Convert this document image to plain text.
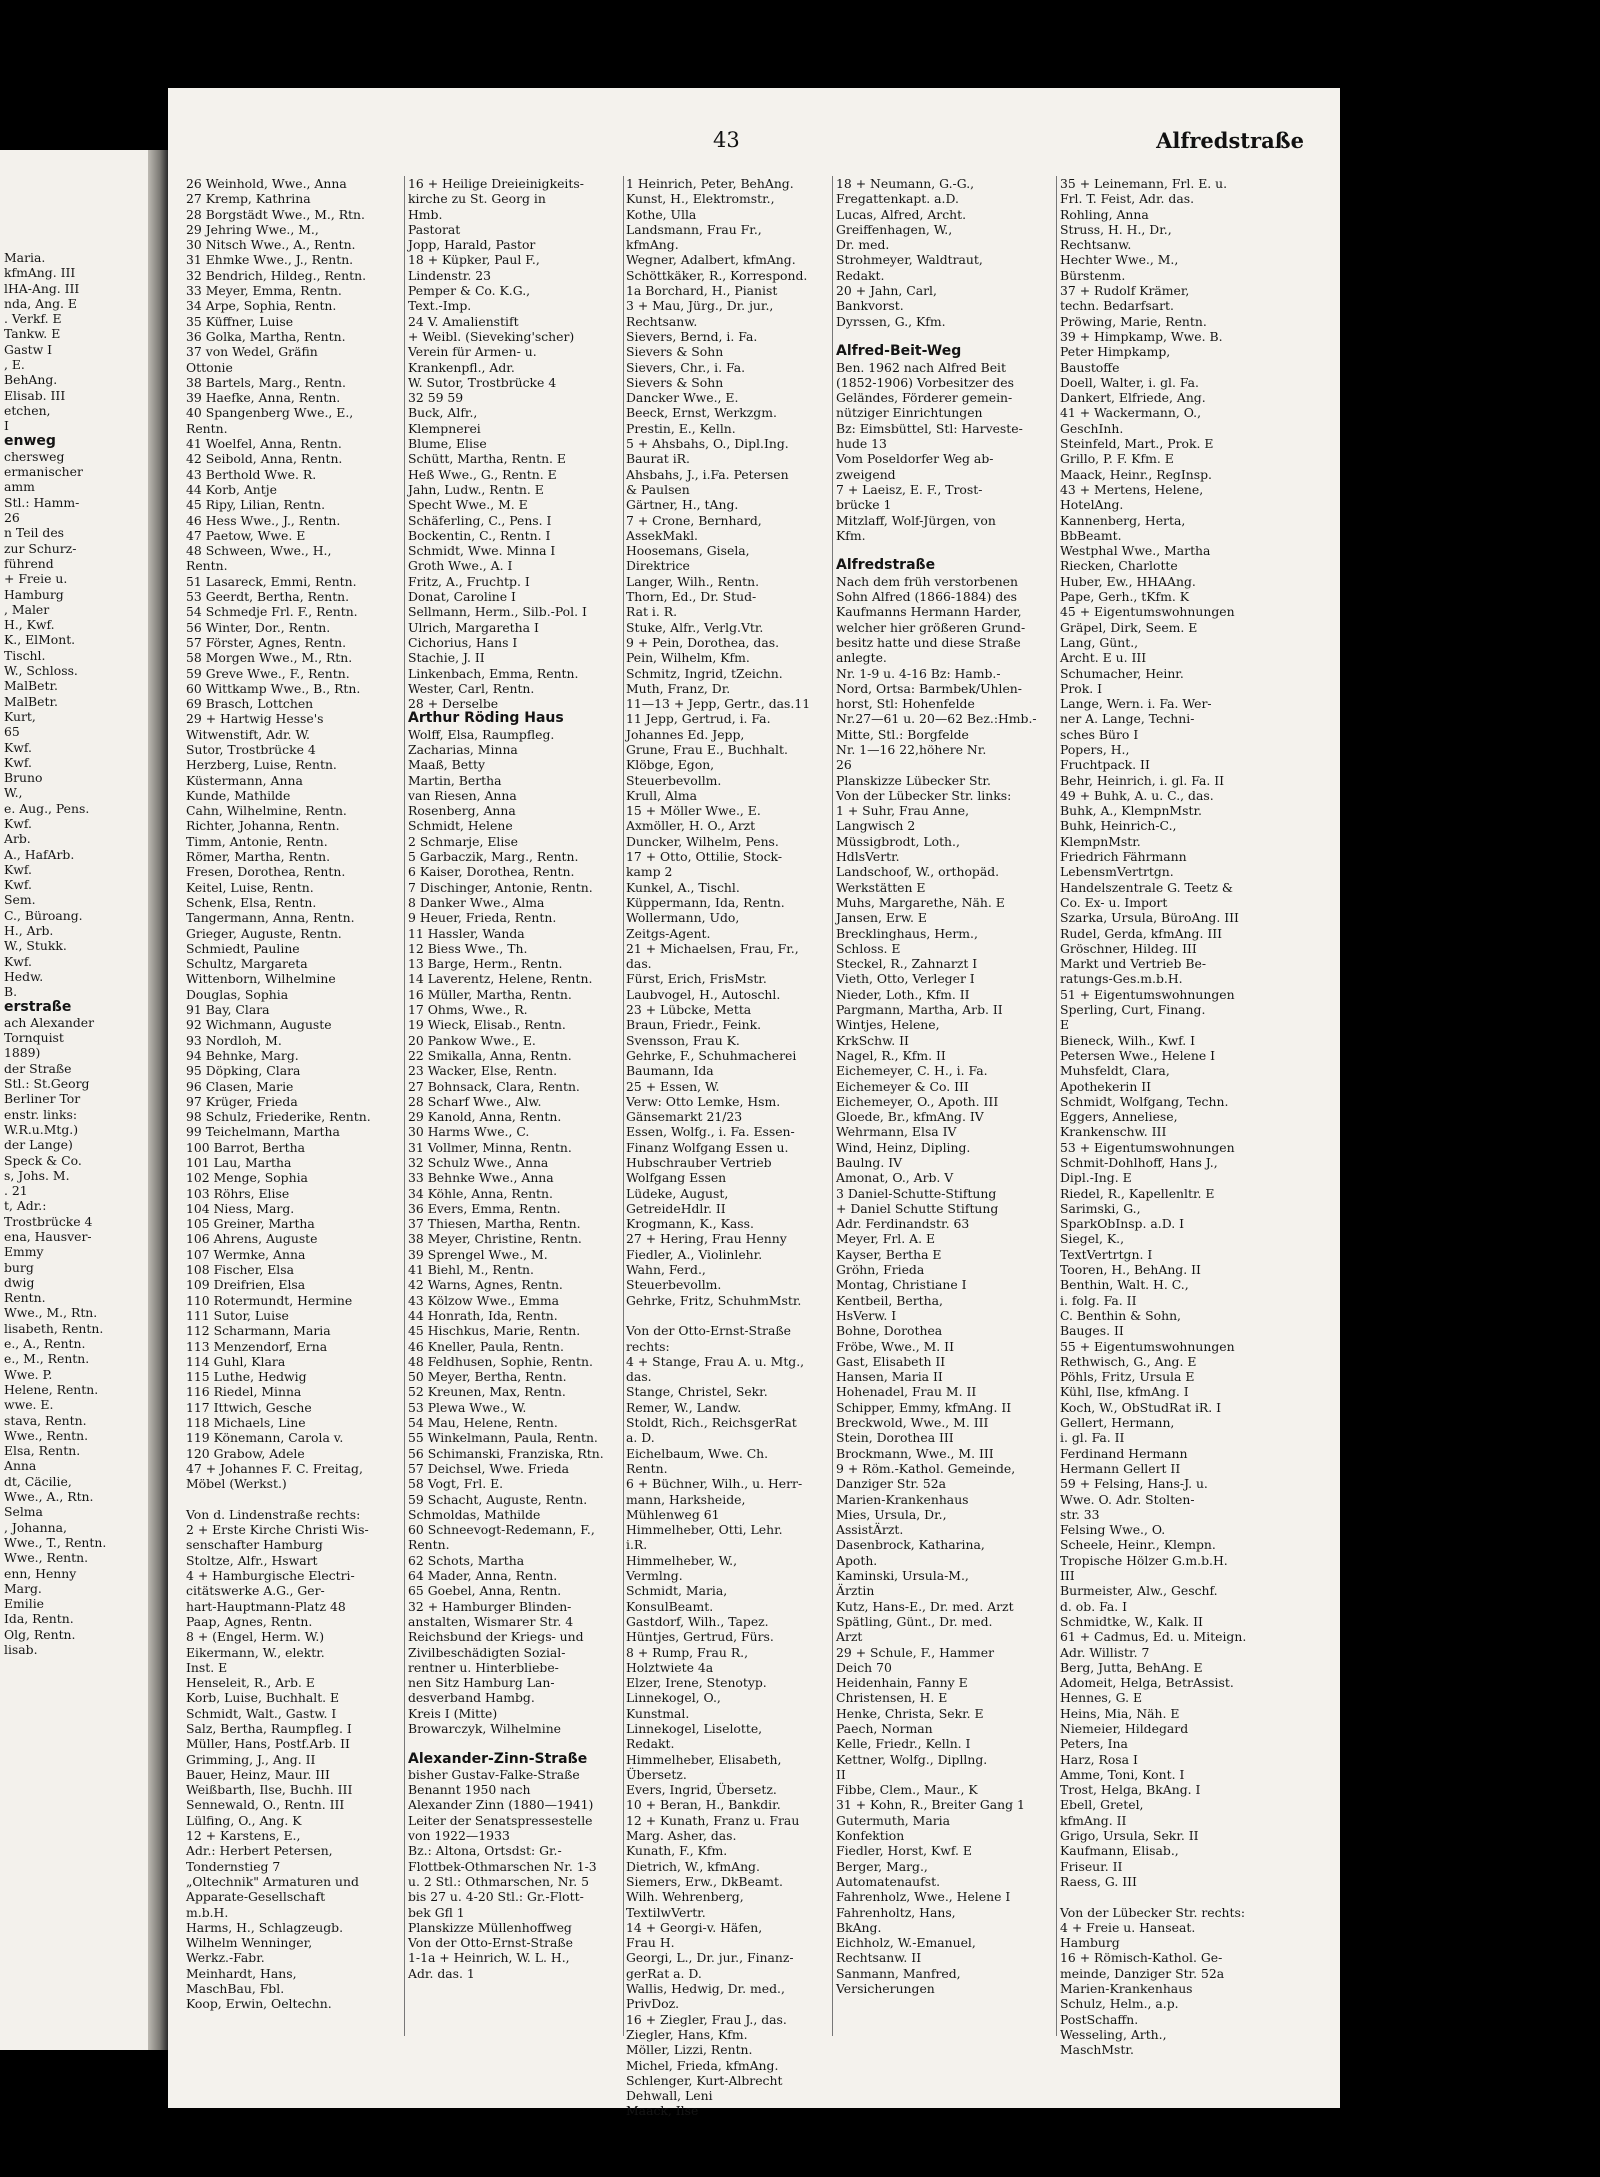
Maria.
kfmAng. III
lHA-Ang. III
nda, Ang. E
. Verkf. E
Tankw. E
Gastw I
, E.
BehAng.
Elisab. III
etchen,
I
enweg
chersweg
ermanischer
amm
Stl.: Hamm-
26
n Teil des
zur Schurz-
führend
+ Freie u.
Hamburg
, Maler
H., Kwf.
K., ElMont.
Tischl.
W., Schloss.
MalBetr.
MalBetr.
Kurt,
65
Kwf.
Kwf.
Bruno
W.,
e. Aug., Pens.
Kwf.
Arb.
A., HafArb.
Kwf.
Kwf.
Sem.
C., Büroang.
H., Arb.
W., Stukk.
Kwf.
Hedw.
B.
erstraße
ach Alexander
Tornquist
1889)
der Straße
Stl.: St.Georg
Berliner Tor
enstr. links:
W.R.u.Mtg.)
der Lange)
Speck & Co.
s, Johs. M.
. 21
t, Adr.:
Trostbrücke 4
ena, Hausver-
Emmy
burg
dwig
Rentn.
Wwe., M., Rtn.
lisabeth, Rentn.
e., A., Rentn.
e., M., Rentn.
Wwe. P.
Helene, Rentn.
wwe. E.
stava, Rentn.
Wwe., Rentn.
Elsa, Rentn.
Anna
dt, Cäcilie,
Wwe., A., Rtn.
Selma
, Johanna,
Wwe., T., Rentn.
Wwe., Rentn.
enn, Henny
Marg.
Emilie
Ida, Rentn.
Olg, Rentn.
lisab.
43	Alfredstraße
26 Weinhold, Wwe., Anna
27 Kremp, Kathrina
28 Borgstädt Wwe., M., Rtn.
29 Jehring Wwe., M.,
30 Nitsch Wwe., A., Rentn.
31 Ehmke Wwe., J., Rentn.
32 Bendrich, Hildeg., Rentn.
33 Meyer, Emma, Rentn.
34 Arpe, Sophia, Rentn.
35 Küffner, Luise
36 Golka, Martha, Rentn.
37 von Wedel, Gräfin
Ottonie
38 Bartels, Marg., Rentn.
39 Haefke, Anna, Rentn.
40 Spangenberg Wwe., E.,
Rentn.
41 Woelfel, Anna, Rentn.
42 Seibold, Anna, Rentn.
43 Berthold Wwe. R.
44 Korb, Antje
45 Ripy, Lilian, Rentn.
46 Hess Wwe., J., Rentn.
47 Paetow, Wwe. E
48 Schween, Wwe., H.,
Rentn.
51 Lasareck, Emmi, Rentn.
53 Geerdt, Bertha, Rentn.
54 Schmedje Frl. F., Rentn.
56 Winter, Dor., Rentn.
57 Förster, Agnes, Rentn.
58 Morgen Wwe., M., Rtn.
59 Greve Wwe., F., Rentn.
60 Wittkamp Wwe., B., Rtn.
69 Brasch, Lottchen
29 + Hartwig Hesse's
Witwenstift, Adr. W.
Sutor, Trostbrücke 4
Herzberg, Luise, Rentn.
Küstermann, Anna
Kunde, Mathilde
Cahn, Wilhelmine, Rentn.
Richter, Johanna, Rentn.
Timm, Antonie, Rentn.
Römer, Martha, Rentn.
Fresen, Dorothea, Rentn.
Keitel, Luise, Rentn.
Schenk, Elsa, Rentn.
Tangermann, Anna, Rentn.
Grieger, Auguste, Rentn.
Schmiedt, Pauline
Schultz, Margareta
Wittenborn, Wilhelmine
Douglas, Sophia
91 Bay, Clara
92 Wichmann, Auguste
93 Nordloh, M.
94 Behnke, Marg.
95 Döpking, Clara
96 Clasen, Marie
97 Krüger, Frieda
98 Schulz, Friederike, Rentn.
99 Teichelmann, Martha
100 Barrot, Bertha
101 Lau, Martha
102 Menge, Sophia
103 Röhrs, Elise
104 Niess, Marg.
105 Greiner, Martha
106 Ahrens, Auguste
107 Wermke, Anna
108 Fischer, Elsa
109 Dreifrien, Elsa
110 Rotermundt, Hermine
111 Sutor, Luise
112 Scharmann, Maria
113 Menzendorf, Erna
114 Guhl, Klara
115 Luthe, Hedwig
116 Riedel, Minna
117 Ittwich, Gesche
118 Michaels, Line
119 Könemann, Carola v.
120 Grabow, Adele
47 + Johannes F. C. Freitag,
Möbel (Werkst.)

Von d. Lindenstraße rechts:
2 + Erste Kirche Christi Wis-
senschafter Hamburg
Stoltze, Alfr., Hswart
4 + Hamburgische Electri-
citätswerke A.G., Ger-
hart-Hauptmann-Platz 48
Paap, Agnes, Rentn.
8 + (Engel, Herm. W.)
Eikermann, W., elektr.
Inst. E
Henseleit, R., Arb. E
Korb, Luise, Buchhalt. E
Schmidt, Walt., Gastw. I
Salz, Bertha, Raumpfleg. I
Müller, Hans, Postf.Arb. II
Grimming, J., Ang. II
Bauer, Heinz, Maur. III
Weißbarth, Ilse, Buchh. III
Sennewald, O., Rentn. III
Lülfing, O., Ang. K
12 + Karstens, E.,
Adr.: Herbert Petersen,
Tondernstieg 7
„Oltechnik" Armaturen und
Apparate-Gesellschaft
m.b.H.
Harms, H., Schlagzeugb.
Wilhelm Wenninger,
Werkz.-Fabr.
Meinhardt, Hans,
MaschBau, Fbl.
Koop, Erwin, Oeltechn.
16 + Heilige Dreieinigkeits-
kirche zu St. Georg in
Hmb.
Pastorat
Jopp, Harald, Pastor
18 + Küpker, Paul F.,
Lindenstr. 23
Pemper & Co. K.G.,
Text.-Imp.
24 V. Amalienstift
+ Weibl. (Sieveking'scher)
Verein für Armen- u.
Krankenpfl., Adr.
W. Sutor, Trostbrücke 4
32 59 59
Buck, Alfr.,
Klempnerei
Blume, Elise
Schütt, Martha, Rentn. E
Heß Wwe., G., Rentn. E
Jahn, Ludw., Rentn. E
Specht Wwe., M. E
Schäferling, C., Pens. I
Bockentin, C., Rentn. I
Schmidt, Wwe. Minna I
Groth Wwe., A. I
Fritz, A., Fruchtp. I
Donat, Caroline I
Sellmann, Herm., Silb.-Pol. I
Ulrich, Margaretha I
Cichorius, Hans I
Stachie, J. II
Linkenbach, Emma, Rentn.
Wester, Carl, Rentn.
28 + Derselbe
Arthur Röding Haus
Wolff, Elsa, Raumpfleg.
Zacharias, Minna
Maaß, Betty
Martin, Bertha
van Riesen, Anna
Rosenberg, Anna
Schmidt, Helene
2 Schmarje, Elise
5 Garbaczik, Marg., Rentn.
6 Kaiser, Dorothea, Rentn.
7 Dischinger, Antonie, Rentn.
8 Danker Wwe., Alma
9 Heuer, Frieda, Rentn.
11 Hassler, Wanda
12 Biess Wwe., Th.
13 Barge, Herm., Rentn.
14 Laverentz, Helene, Rentn.
16 Müller, Martha, Rentn.
17 Ohms, Wwe., R.
19 Wieck, Elisab., Rentn.
20 Pankow Wwe., E.
22 Smikalla, Anna, Rentn.
23 Wacker, Else, Rentn.
27 Bohnsack, Clara, Rentn.
28 Scharf Wwe., Alw.
29 Kanold, Anna, Rentn.
30 Harms Wwe., C.
31 Vollmer, Minna, Rentn.
32 Schulz Wwe., Anna
33 Behnke Wwe., Anna
34 Köhle, Anna, Rentn.
36 Evers, Emma, Rentn.
37 Thiesen, Martha, Rentn.
38 Meyer, Christine, Rentn.
39 Sprengel Wwe., M.
41 Biehl, M., Rentn.
42 Warns, Agnes, Rentn.
43 Kölzow Wwe., Emma
44 Honrath, Ida, Rentn.
45 Hischkus, Marie, Rentn.
46 Kneller, Paula, Rentn.
48 Feldhusen, Sophie, Rentn.
50 Meyer, Bertha, Rentn.
52 Kreunen, Max, Rentn.
53 Plewa Wwe., W.
54 Mau, Helene, Rentn.
55 Winkelmann, Paula, Rentn.
56 Schimanski, Franziska, Rtn.
57 Deichsel, Wwe. Frieda
58 Vogt, Frl. E.
59 Schacht, Auguste, Rentn.
Schmoldas, Mathilde
60 Schneevogt-Redemann, F.,
Rentn.
62 Schots, Martha
64 Mader, Anna, Rentn.
65 Goebel, Anna, Rentn.
32 + Hamburger Blinden-
anstalten, Wismarer Str. 4
Reichsbund der Kriegs- und
Zivilbeschädigten Sozial-
rentner u. Hinterbliebe-
nen Sitz Hamburg Lan-
desverband Hambg.
Kreis I (Mitte)
Browarczyk, Wilhelmine

Alexander-Zinn-Straße
bisher Gustav-Falke-Straße
Benannt 1950 nach
Alexander Zinn (1880—1941)
Leiter der Senatspressestelle
von 1922—1933
Bz.: Altona, Ortsdst: Gr.-
Flottbek-Othmarschen Nr. 1-3
u. 2 Stl.: Othmarschen, Nr. 5
bis 27 u. 4-20 Stl.: Gr.-Flott-
bek Gfl 1
Planskizze Müllenhoffweg
Von der Otto-Ernst-Straße
1-1a + Heinrich, W. L. H.,
Adr. das. 1
1 Heinrich, Peter, BehAng.
Kunst, H., Elektromstr.,
Kothe, Ulla
Landsmann, Frau Fr.,
kfmAng.
Wegner, Adalbert, kfmAng.
Schöttkäker, R., Korrespond.
1a Borchard, H., Pianist
3 + Mau, Jürg., Dr. jur.,
Rechtsanw.
Sievers, Bernd, i. Fa.
Sievers & Sohn
Sievers, Chr., i. Fa.
Sievers & Sohn
Dancker Wwe., E.
Beeck, Ernst, Werkzgm.
Prestin, E., Kelln.
5 + Ahsbahs, O., Dipl.Ing.
Baurat iR.
Ahsbahs, J., i.Fa. Petersen
& Paulsen
Gärtner, H., tAng.
7 + Crone, Bernhard,
AssekMakl.
Hoosemans, Gisela,
Direktrice
Langer, Wilh., Rentn.
Thorn, Ed., Dr. Stud-
Rat i. R.
Stuke, Alfr., Verlg.Vtr.
9 + Pein, Dorothea, das.
Pein, Wilhelm, Kfm.
Schmitz, Ingrid, tZeichn.
Muth, Franz, Dr.
11—13 + Jepp, Gertr., das.11
11 Jepp, Gertrud, i. Fa.
Johannes Ed. Jepp,
Grune, Frau E., Buchhalt.
Klöbge, Egon,
Steuerbevollm.
Krull, Alma
15 + Möller Wwe., E.
Axmöller, H. O., Arzt
Duncker, Wilhelm, Pens.
17 + Otto, Ottilie, Stock-
kamp 2
Kunkel, A., Tischl.
Küppermann, Ida, Rentn.
Wollermann, Udo,
Zeitgs-Agent.
21 + Michaelsen, Frau, Fr.,
das.
Fürst, Erich, FrisMstr.
Laubvogel, H., Autoschl.
23 + Lübcke, Metta
Braun, Friedr., Feink.
Svensson, Frau K.
Gehrke, F., Schuhmacherei
Baumann, Ida
25 + Essen, W.
Verw: Otto Lemke, Hsm.
Gänsemarkt 21/23
Essen, Wolfg., i. Fa. Essen-
Finanz Wolfgang Essen u.
Hubschrauber Vertrieb
Wolfgang Essen
Lüdeke, August,
GetreideHdlr. II
Krogmann, K., Kass.
27 + Hering, Frau Henny
Fiedler, A., Violinlehr.
Wahn, Ferd.,
Steuerbevollm.
Gehrke, Fritz, SchuhmMstr.

Von der Otto-Ernst-Straße
rechts:
4 + Stange, Frau A. u. Mtg.,
das.
Stange, Christel, Sekr.
Remer, W., Landw.
Stoldt, Rich., ReichsgerRat
a. D.
Eichelbaum, Wwe. Ch.
Rentn.
6 + Büchner, Wilh., u. Herr-
mann, Harksheide,
Mühlenweg 61
Himmelheber, Otti, Lehr.
i.R.
Himmelheber, W.,
Vermlng.
Schmidt, Maria,
KonsulBeamt.
Gastdorf, Wilh., Tapez.
Hüntjes, Gertrud, Fürs.
8 + Rump, Frau R.,
Holztwiete 4a
Elzer, Irene, Stenotyp.
Linnekogel, O.,
Kunstmal.
Linnekogel, Liselotte,
Redakt.
Himmelheber, Elisabeth,
Übersetz.
Evers, Ingrid, Übersetz.
10 + Beran, H., Bankdir.
12 + Kunath, Franz u. Frau
Marg. Asher, das.
Kunath, F., Kfm.
Dietrich, W., kfmAng.
Siemers, Erw., DkBeamt.
Wilh. Wehrenberg,
TextilwVertr.
14 + Georgi-v. Häfen,
Frau H.
Georgi, L., Dr. jur., Finanz-
gerRat a. D.
Wallis, Hedwig, Dr. med.,
PrivDoz.
16 + Ziegler, Frau J., das.
Ziegler, Hans, Kfm.
Möller, Lizzi, Rentn.
Michel, Frieda, kfmAng.
Schlenger, Kurt-Albrecht
Dehwall, Leni
Maack, Ilse
18 + Neumann, G.-G.,
Fregattenkapt. a.D.
Lucas, Alfred, Archt.
Greiffenhagen, W.,
Dr. med.
Strohmeyer, Waldtraut,
Redakt.
20 + Jahn, Carl,
Bankvorst.
Dyrssen, G., Kfm.

Alfred-Beit-Weg
Ben. 1962 nach Alfred Beit
(1852-1906) Vorbesitzer des
Geländes, Förderer gemein-
nütziger Einrichtungen
Bz: Eimsbüttel, Stl: Harveste-
hude 13
Vom Poseldorfer Weg ab-
zweigend
7 + Laeisz, E. F., Trost-
brücke 1
Mitzlaff, Wolf-Jürgen, von
Kfm.

Alfredstraße
Nach dem früh verstorbenen
Sohn Alfred (1866-1884) des
Kaufmanns Hermann Harder,
welcher hier größeren Grund-
besitz hatte und diese Straße
anlegte.
Nr. 1-9 u. 4-16 Bz: Hamb.-
Nord, Ortsa: Barmbek/Uhlen-
horst, Stl: Hohenfelde
Nr.27—61 u. 20—62 Bez.:Hmb.-
Mitte, Stl.: Borgfelde
Nr. 1—16 22,höhere Nr.
26
Planskizze Lübecker Str.
Von der Lübecker Str. links:
1 + Suhr, Frau Anne,
Langwisch 2
Müssigbrodt, Loth.,
HdlsVertr.
Landschoof, W., orthopäd.
Werkstätten E
Muhs, Margarethe, Näh. E
Jansen, Erw. E
Brecklinghaus, Herm.,
Schloss. E
Steckel, R., Zahnarzt I
Vieth, Otto, Verleger I
Nieder, Loth., Kfm. II
Pargmann, Martha, Arb. II
Wintjes, Helene,
KrkSchw. II
Nagel, R., Kfm. II
Eichemeyer, C. H., i. Fa.
Eichemeyer & Co. III
Eichemeyer, O., Apoth. III
Gloede, Br., kfmAng. IV
Wehrmann, Elsa IV
Wind, Heinz, Dipling.
Baulng. IV
Amonat, O., Arb. V
3 Daniel-Schutte-Stiftung
+ Daniel Schutte Stiftung
Adr. Ferdinandstr. 63
Meyer, Frl. A. E
Kayser, Bertha E
Gröhn, Frieda
Montag, Christiane I
Kentbeil, Bertha,
HsVerw. I
Bohne, Dorothea
Fröbe, Wwe., M. II
Gast, Elisabeth II
Hansen, Maria II
Hohenadel, Frau M. II
Schipper, Emmy, kfmAng. II
Breckwold, Wwe., M. III
Stein, Dorothea III
Brockmann, Wwe., M. III
9 + Röm.-Kathol. Gemeinde,
Danziger Str. 52a
Marien-Krankenhaus
Mies, Ursula, Dr.,
AssistÄrzt.
Dasenbrock, Katharina,
Apoth.
Kaminski, Ursula-M.,
Ärztin
Kutz, Hans-E., Dr. med. Arzt
Spätling, Günt., Dr. med.
Arzt
29 + Schule, F., Hammer
Deich 70
Heidenhain, Fanny E
Christensen, H. E
Henke, Christa, Sekr. E
Paech, Norman
Kelle, Friedr., Kelln. I
Kettner, Wolfg., Dipllng.
II
Fibbe, Clem., Maur., K
31 + Kohn, R., Breiter Gang 1
Gutermuth, Maria
Konfektion
Fiedler, Horst, Kwf. E
Berger, Marg.,
Automatenaufst.
Fahrenholz, Wwe., Helene I
Fahrenholtz, Hans,
BkAng.
Eichholz, W.-Emanuel,
Rechtsanw. II
Sanmann, Manfred,
Versicherungen
35 + Leinemann, Frl. E. u.
Frl. T. Feist, Adr. das.
Rohling, Anna
Struss, H. H., Dr.,
Rechtsanw.
Hechter Wwe., M.,
Bürstenm.
37 + Rudolf Krämer,
techn. Bedarfsart.
Pröwing, Marie, Rentn.
39 + Himpkamp, Wwe. B.
Peter Himpkamp,
Baustoffe
Doell, Walter, i. gl. Fa.
Dankert, Elfriede, Ang.
41 + Wackermann, O.,
GeschInh.
Steinfeld, Mart., Prok. E
Grillo, P. F. Kfm. E
Maack, Heinr., RegInsp.
43 + Mertens, Helene,
HotelAng.
Kannenberg, Herta,
BbBeamt.
Westphal Wwe., Martha
Riecken, Charlotte
Huber, Ew., HHAAng.
Pape, Gerh., tKfm. K
45 + Eigentumswohnungen
Gräpel, Dirk, Seem. E
Lang, Günt.,
Archt. E u. III
Schumacher, Heinr.
Prok. I
Lange, Wern. i. Fa. Wer-
ner A. Lange, Techni-
sches Büro I
Popers, H.,
Fruchtpack. II
Behr, Heinrich, i. gl. Fa. II
49 + Buhk, A. u. C., das.
Buhk, A., KlempnMstr.
Buhk, Heinrich-C.,
KlempnMstr.
Friedrich Fährmann
LebensmVertrtgn.
Handelszentrale G. Teetz &
Co. Ex- u. Import
Szarka, Ursula, BüroAng. III
Rudel, Gerda, kfmAng. III
Gröschner, Hildeg. III
Markt und Vertrieb Be-
ratungs-Ges.m.b.H.
51 + Eigentumswohnungen
Sperling, Curt, Finang.
E
Bieneck, Wilh., Kwf. I
Petersen Wwe., Helene I
Muhsfeldt, Clara,
Apothekerin II
Schmidt, Wolfgang, Techn.
Eggers, Anneliese,
Krankenschw. III
53 + Eigentumswohnungen
Schmit-Dohlhoff, Hans J.,
Dipl.-Ing. E
Riedel, R., Kapellenltr. E
Sarimski, G.,
SparkObInsp. a.D. I
Siegel, K.,
TextVertrtgn. I
Tooren, H., BehAng. II
Benthin, Walt. H. C.,
i. folg. Fa. II
C. Benthin & Sohn,
Bauges. II
55 + Eigentumswohnungen
Rethwisch, G., Ang. E
Pöhls, Fritz, Ursula E
Kühl, Ilse, kfmAng. I
Koch, W., ObStudRat iR. I
Gellert, Hermann,
i. gl. Fa. II
Ferdinand Hermann
Hermann Gellert II
59 + Felsing, Hans-J. u.
Wwe. O. Adr. Stolten-
str. 33
Felsing Wwe., O.
Scheele, Heinr., Klempn.
Tropische Hölzer G.m.b.H.
III
Burmeister, Alw., Geschf.
d. ob. Fa. I
Schmidtke, W., Kalk. II
61 + Cadmus, Ed. u. Miteign.
Adr. Willistr. 7
Berg, Jutta, BehAng. E
Adomeit, Helga, BetrAssist.
Hennes, G. E
Heins, Mia, Näh. E
Niemeier, Hildegard
Peters, Ina
Harz, Rosa I
Amme, Toni, Kont. I
Trost, Helga, BkAng. I
Ebell, Gretel,
kfmAng. II
Grigo, Ursula, Sekr. II
Kaufmann, Elisab.,
Friseur. II
Raess, G. III

Von der Lübecker Str. rechts:
4 + Freie u. Hanseat.
Hamburg
16 + Römisch-Kathol. Ge-
meinde, Danziger Str. 52a
Marien-Krankenhaus
Schulz, Helm., a.p.
PostSchaffn.
Wesseling, Arth.,
MaschMstr.
